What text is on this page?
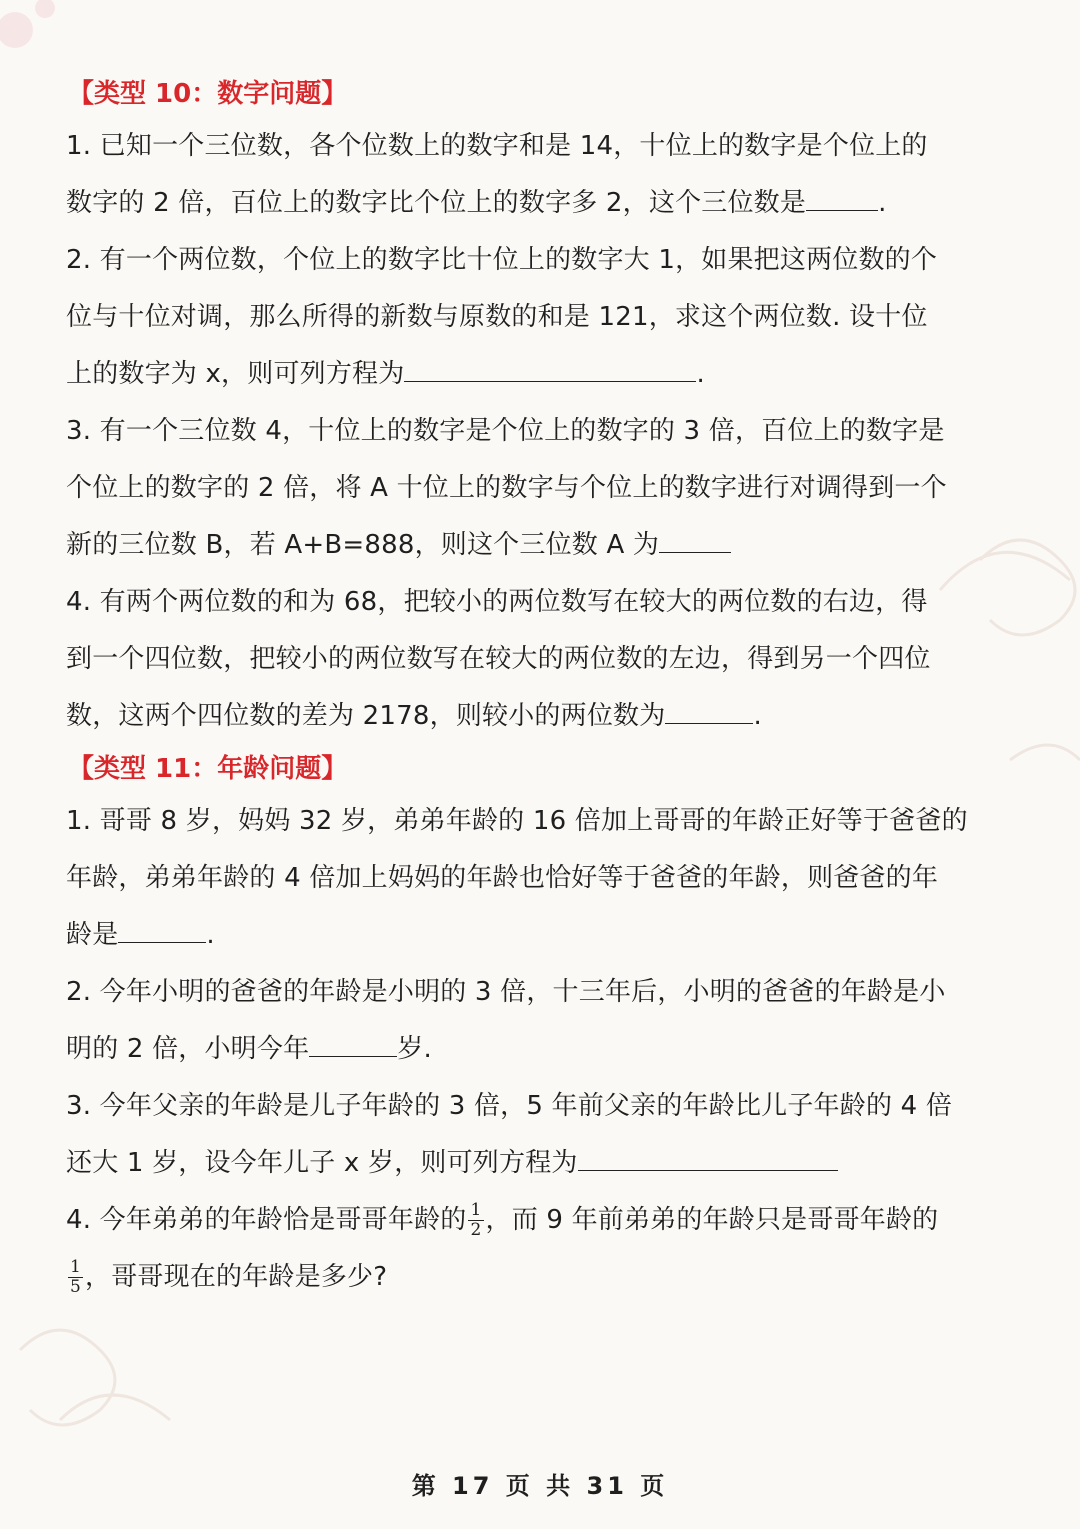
【类型 10：数字问题】
1. 已知一个三位数，各个位数上的数字和是 14，十位上的数字是个位上的
数字的 2 倍，百位上的数字比个位上的数字多 2，这个三位数是	.
2. 有一个两位数，个位上的数字比十位上的数字大 1，如果把这两位数的个
位与十位对调，那么所得的新数与原数的和是 121，求这个两位数. 设十位
上的数字为 x，则可列方程为	.
3. 有一个三位数 4，十位上的数字是个位上的数字的 3 倍，百位上的数字是
个位上的数字的 2 倍，将 A 十位上的数字与个位上的数字进行对调得到一个
新的三位数 B，若 A+B=888，则这个三位数 A 为
4. 有两个两位数的和为 68，把较小的两位数写在较大的两位数的右边，得
到一个四位数，把较小的两位数写在较大的两位数的左边，得到另一个四位
数，这两个四位数的差为 2178，则较小的两位数为	.
【类型 11：年龄问题】
1. 哥哥 8 岁，妈妈 32 岁，弟弟年龄的 16 倍加上哥哥的年龄正好等于爸爸的
年龄，弟弟年龄的 4 倍加上妈妈的年龄也恰好等于爸爸的年龄，则爸爸的年
龄是	.
2. 今年小明的爸爸的年龄是小明的 3 倍，十三年后，小明的爸爸的年龄是小
明的 2 倍，小明今年	岁.
3. 今年父亲的年龄是儿子年龄的 3 倍，5 年前父亲的年龄比儿子年龄的 4 倍
还大 1 岁，设今年儿子 x 岁，则可列方程为
4. 今年弟弟的年龄恰是哥哥年龄的 $\frac{1}{2}$ ，而 9 年前弟弟的年龄只是哥哥年龄的
$\frac{1}{5}$ ，哥哥现在的年龄是多少?
第 17 页 共 31 页
